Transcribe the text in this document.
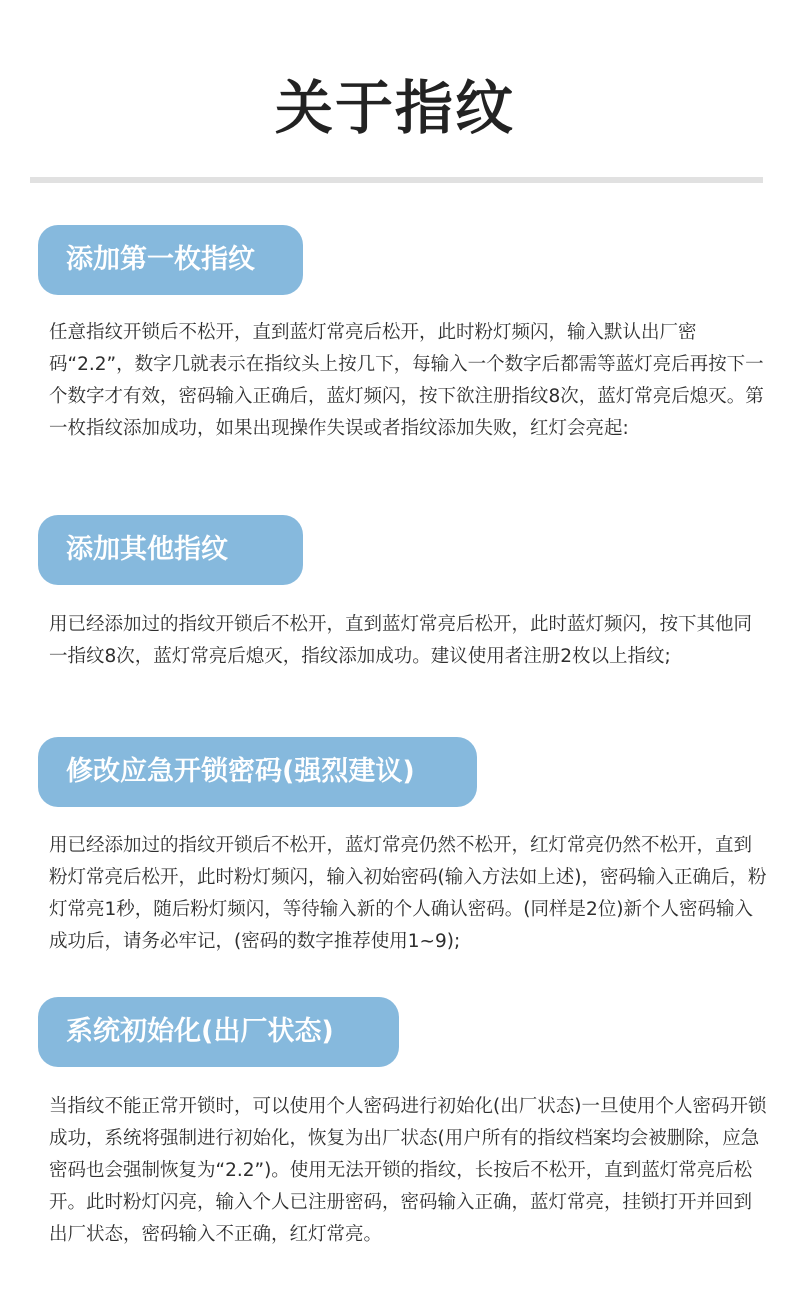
关于指纹
添加第一枚指纹

任意指纹开锁后不松开，直到蓝灯常亮后松开，此时粉灯频闪，输入默认出厂密码“2.2”，数字几就表示在指纹头上按几下，每输入一个数字后都需等蓝灯亮后再按下一个数字才有效，密码输入正确后，蓝灯频闪，按下欲注册指纹8次，蓝灯常亮后熄灭。第一枚指纹添加成功，如果出现操作失误或者指纹添加失败，红灯会亮起:

添加其他指纹

用已经添加过的指纹开锁后不松开，直到蓝灯常亮后松开，此时蓝灯频闪，按下其他同一指纹8次，蓝灯常亮后熄灭，指纹添加成功。建议使用者注册2枚以上指纹;

修改应急开锁密码(强烈建议)

用已经添加过的指纹开锁后不松开，蓝灯常亮仍然不松开，红灯常亮仍然不松开，直到粉灯常亮后松开，此时粉灯频闪，输入初始密码(输入方法如上述)，密码输入正确后，粉灯常亮1秒，随后粉灯频闪，等待输入新的个人确认密码。(同样是2位)新个人密码输入成功后，请务必牢记，(密码的数字推荐使用1~9);

系统初始化(出厂状态)

当指纹不能正常开锁时，可以使用个人密码进行初始化(出厂状态)一旦使用个人密码开锁成功，系统将强制进行初始化，恢复为出厂状态(用户所有的指纹档案均会被删除，应急密码也会强制恢复为“2.2”)。使用无法开锁的指纹，长按后不松开，直到蓝灯常亮后松开。此时粉灯闪亮，输入个人已注册密码，密码输入正确，蓝灯常亮，挂锁打开并回到出厂状态，密码输入不正确，红灯常亮。
